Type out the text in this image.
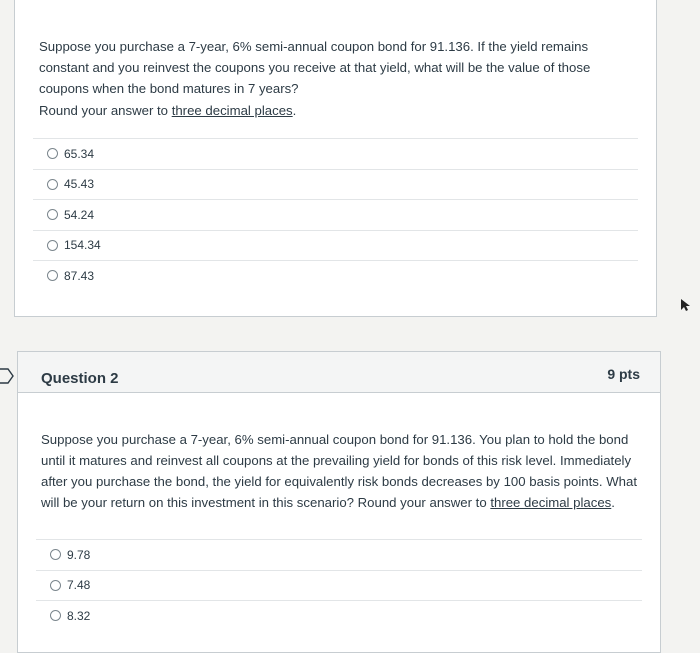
Suppose you purchase a 7-year, 6% semi-annual coupon bond for 91.136. If the yield remains constant and you reinvest the coupons you receive at that yield, what will be the value of those coupons when the bond matures in 7 years?
Round your answer to three decimal places.
65.34
45.43
54.24
154.34
87.43
Question 2	9 pts
Suppose you purchase a 7-year, 6% semi-annual coupon bond for 91.136. You plan to hold the bond until it matures and reinvest all coupons at the prevailing yield for bonds of this risk level. Immediately after you purchase the bond, the yield for equivalently risk bonds decreases by 100 basis points. What will be your return on this investment in this scenario? Round your answer to three decimal places.
9.78
7.48
8.32
